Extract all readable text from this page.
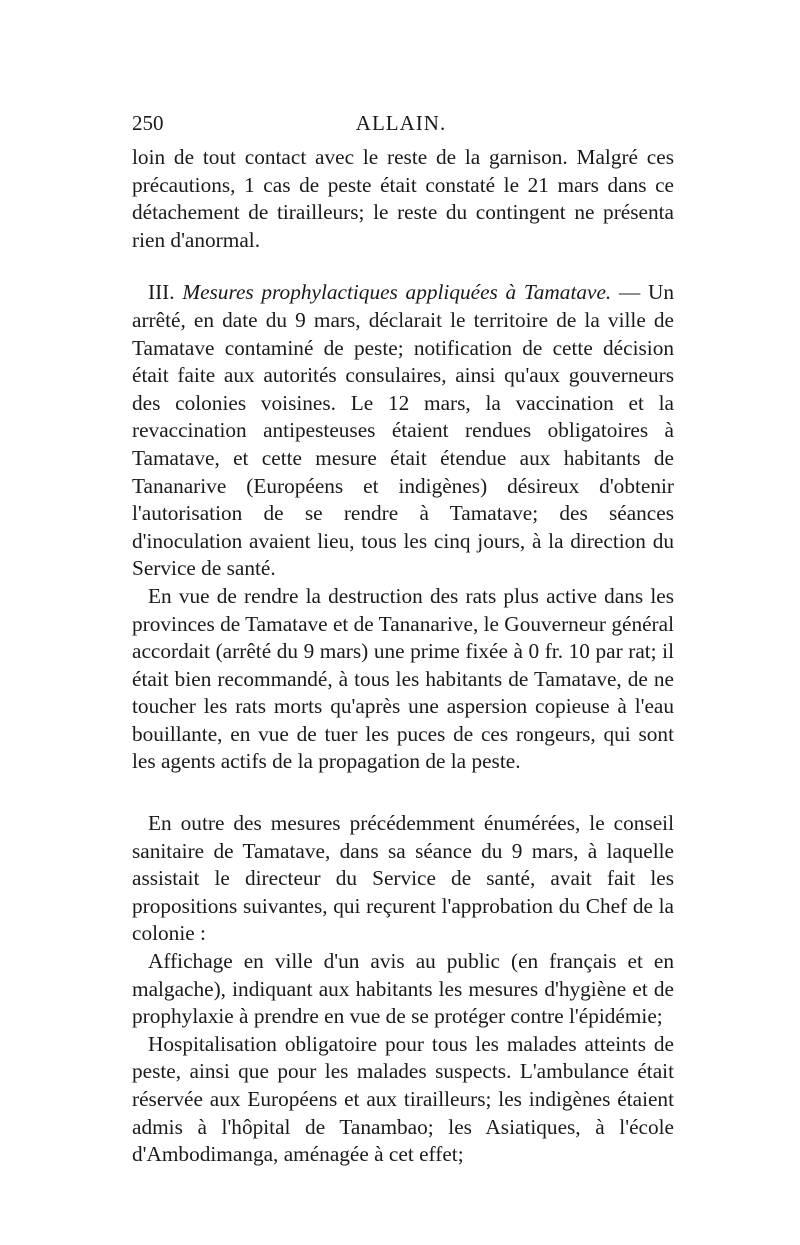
250	ALLAIN.

loin de tout contact avec le reste de la garnison. Malgré ces précautions, 1 cas de peste était constaté le 21 mars dans ce détachement de tirailleurs; le reste du contingent ne présenta rien d'anormal.

III. Mesures prophylactiques appliquées à Tamatave. — Un arrêté, en date du 9 mars, déclarait le territoire de la ville de Tamatave contaminé de peste; notification de cette décision était faite aux autorités consulaires, ainsi qu'aux gouverneurs des colonies voisines. Le 12 mars, la vaccination et la revaccination antipesteuses étaient rendues obligatoires à Tamatave, et cette mesure était étendue aux habitants de Tananarive (Européens et indigènes) désireux d'obtenir l'autorisation de se rendre à Tamatave; des séances d'inoculation avaient lieu, tous les cinq jours, à la direction du Service de santé.

En vue de rendre la destruction des rats plus active dans les provinces de Tamatave et de Tananarive, le Gouverneur général accordait (arrêté du 9 mars) une prime fixée à 0 fr. 10 par rat; il était bien recommandé, à tous les habitants de Tamatave, de ne toucher les rats morts qu'après une aspersion copieuse à l'eau bouillante, en vue de tuer les puces de ces rongeurs, qui sont les agents actifs de la propagation de la peste.

En outre des mesures précédemment énumérées, le conseil sanitaire de Tamatave, dans sa séance du 9 mars, à laquelle assistait le directeur du Service de santé, avait fait les propositions suivantes, qui reçurent l'approbation du Chef de la colonie :

Affichage en ville d'un avis au public (en français et en malgache), indiquant aux habitants les mesures d'hygiène et de prophylaxie à prendre en vue de se protéger contre l'épidémie;

Hospitalisation obligatoire pour tous les malades atteints de peste, ainsi que pour les malades suspects. L'ambulance était réservée aux Européens et aux tirailleurs; les indigènes étaient admis à l'hôpital de Tanambao; les Asiatiques, à l'école d'Ambodimanga, aménagée à cet effet;
